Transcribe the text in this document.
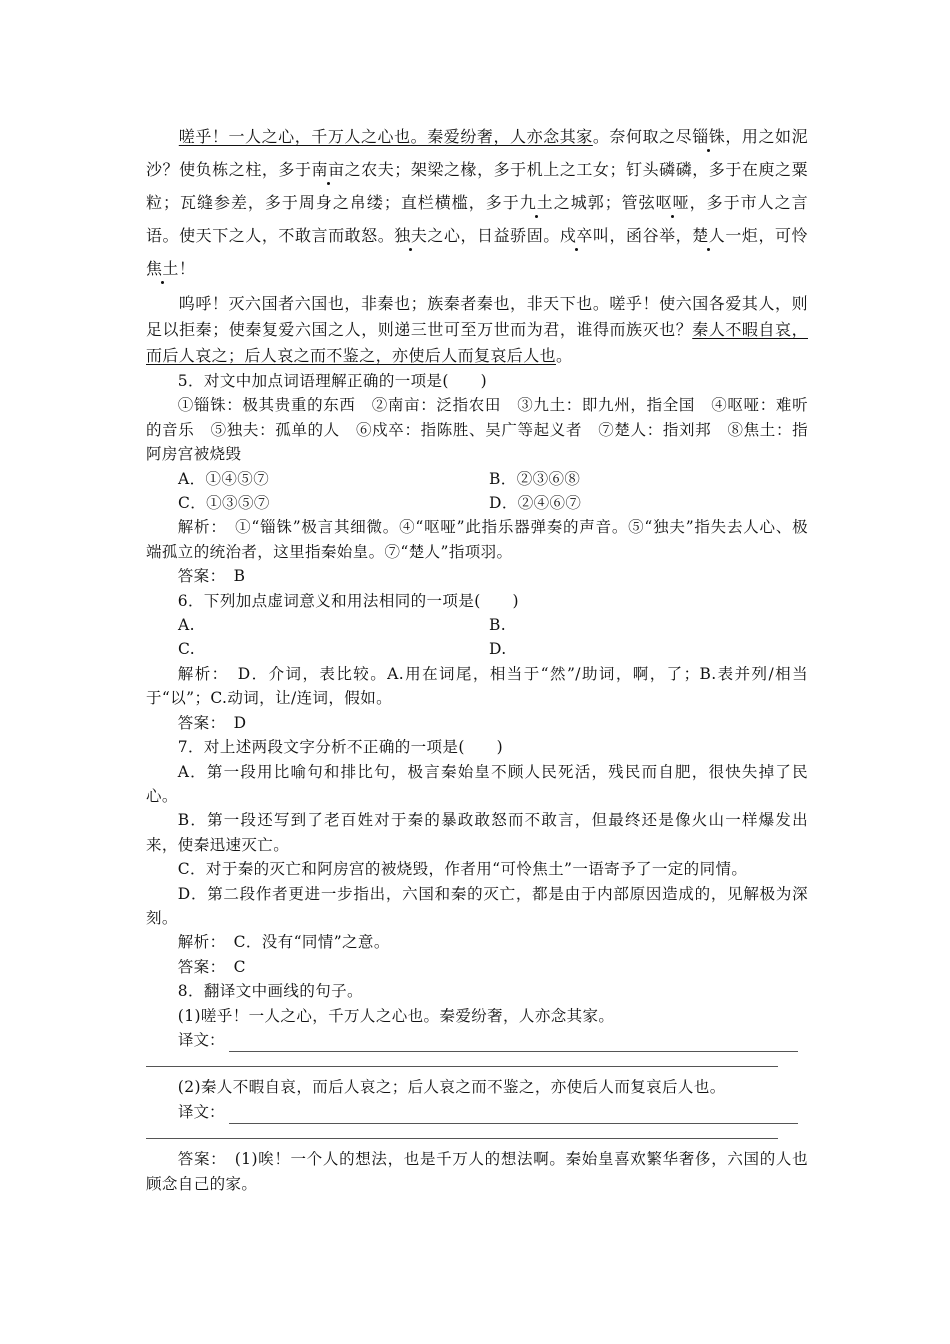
嗟乎！一人之心，千万人之心也。秦爱纷奢，人亦念其家。奈何取之尽锱铢，用之如泥沙？使负栋之柱，多于南亩之农夫；架梁之椽，多于机上之工女；钉头磷磷，多于在庾之粟粒；瓦缝参差，多于周身之帛缕；直栏横槛，多于九土之城郭；管弦呕哑，多于市人之言语。使天下之人，不敢言而敢怒。独夫之心，日益骄固。戍卒叫，函谷举，楚人一炬，可怜焦土！

呜呼！灭六国者六国也，非秦也；族秦者秦也，非天下也。嗟乎！使六国各爱其人，则足以拒秦；使秦复爱六国之人，则递三世可至万世而为君，谁得而族灭也？秦人不暇自哀，而后人哀之；后人哀之而不鉴之，亦使后人而复哀后人也。

5．对文中加点词语理解正确的一项是(　　)

①锱铢：极其贵重的东西　②南亩：泛指农田　③九土：即九州，指全国　④呕哑：难听的音乐　⑤独夫：孤单的人　⑥戍卒：指陈胜、吴广等起义者　⑦楚人：指刘邦　⑧焦土：指阿房宫被烧毁

A．①④⑤⑦	B．②③⑥⑧
C．①③⑤⑦	D．②④⑥⑦

解析：　①“锱铢”极言其细微。④“呕哑”此指乐器弹奏的声音。⑤“独夫”指失去人心、极端孤立的统治者，这里指秦始皇。⑦“楚人”指项羽。

答案：　B

6．下列加点虚词意义和用法相同的一项是(　　)

A.	B.
C.	D.

解析：　D．介词，表比较。A.用在词尾，相当于“然”/助词，啊，了；B.表并列/相当于“以”；C.动词，让/连词，假如。

答案：　D

7．对上述两段文字分析不正确的一项是(　　)

A．第一段用比喻句和排比句，极言秦始皇不顾人民死活，残民而自肥，很快失掉了民心。

B．第一段还写到了老百姓对于秦的暴政敢怒而不敢言，但最终还是像火山一样爆发出来，使秦迅速灭亡。

C．对于秦的灭亡和阿房宫的被烧毁，作者用“可怜焦土”一语寄予了一定的同情。

D．第二段作者更进一步指出，六国和秦的灭亡，都是由于内部原因造成的，见解极为深刻。

解析：　C．没有“同情”之意。

答案：　C

8．翻译文中画线的句子。

(1)嗟乎！一人之心，千万人之心也。秦爱纷奢，人亦念其家。

译文：

(2)秦人不暇自哀，而后人哀之；后人哀之而不鉴之，亦使后人而复哀后人也。

译文：

答案：　(1)唉！一个人的想法，也是千万人的想法啊。秦始皇喜欢繁华奢侈，六国的人也顾念自己的家。
